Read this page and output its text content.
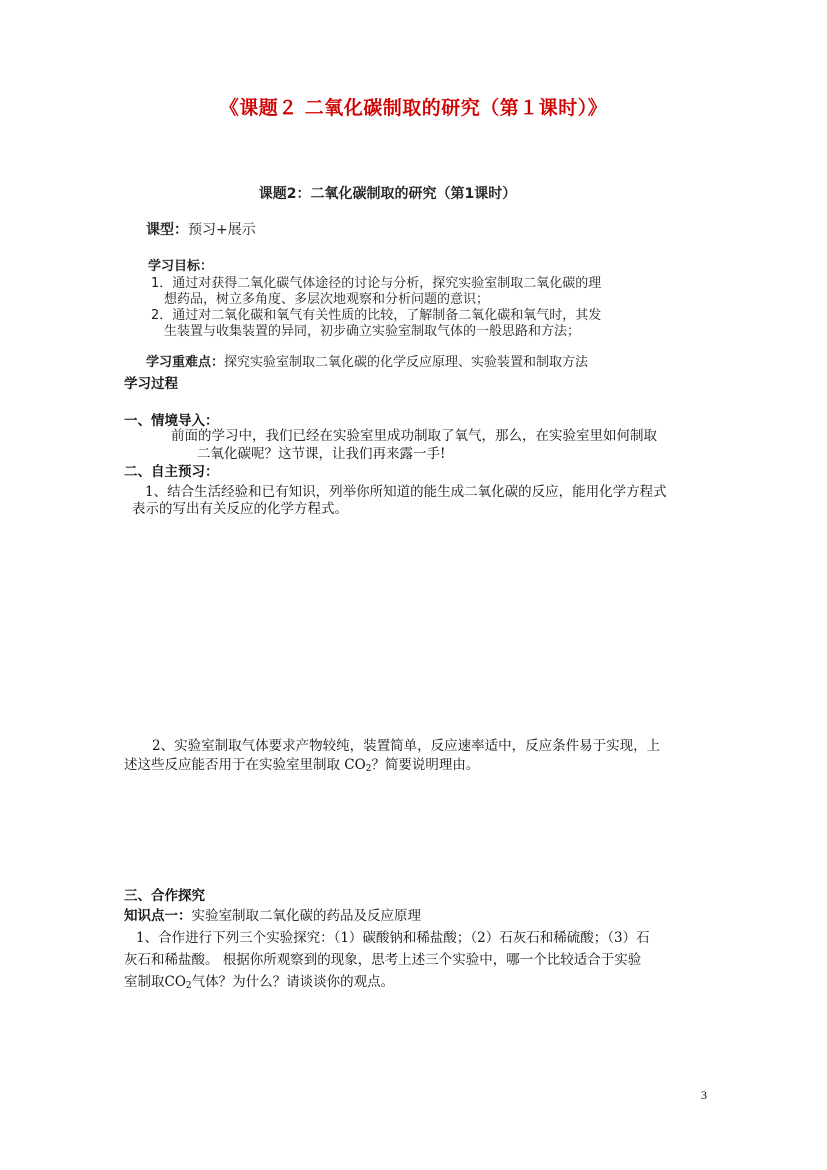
《课题２ 二氧化碳制取的研究（第１课时）》
课题2：二氧化碳制取的研究（第1课时）
课型：预习+展示
学习目标：
1．通过对获得二氧化碳气体途径的讨论与分析，探究实验室制取二氧化碳的理
想药品，树立多角度、多层次地观察和分析问题的意识；
2．通过对二氧化碳和氧气有关性质的比较，了解制备二氧化碳和氧气时，其发
生装置与收集装置的异同，初步确立实验室制取气体的一般思路和方法；
学习重难点：探究实验室制取二氧化碳的化学反应原理、实验装置和制取方法
学习过程
一、情境导入：
前面的学习中，我们已经在实验室里成功制取了氧气，那么，在实验室里如何制取
二氧化碳呢？这节课，让我们再来露一手!
二、自主预习：
1、结合生活经验和已有知识，列举你所知道的能生成二氧化碳的反应，能用化学方程式
表示的写出有关反应的化学方程式。
2、实验室制取气体要求产物较纯，装置简单，反应速率适中，反应条件易于实现，上
述这些反应能否用于在实验室里制取 $CO_2$？简要说明理由。
三、合作探究
知识点一：实验室制取二氧化碳的药品及反应原理
1、合作进行下列三个实验探究：（1）碳酸钠和稀盐酸；（2）石灰石和稀硫酸；（3）石
灰石和稀盐酸。 根据你所观察到的现象，思考上述三个实验中，哪一个比较适合于实验
室制取$CO_2$气体？为什么？请谈谈你的观点。
3
